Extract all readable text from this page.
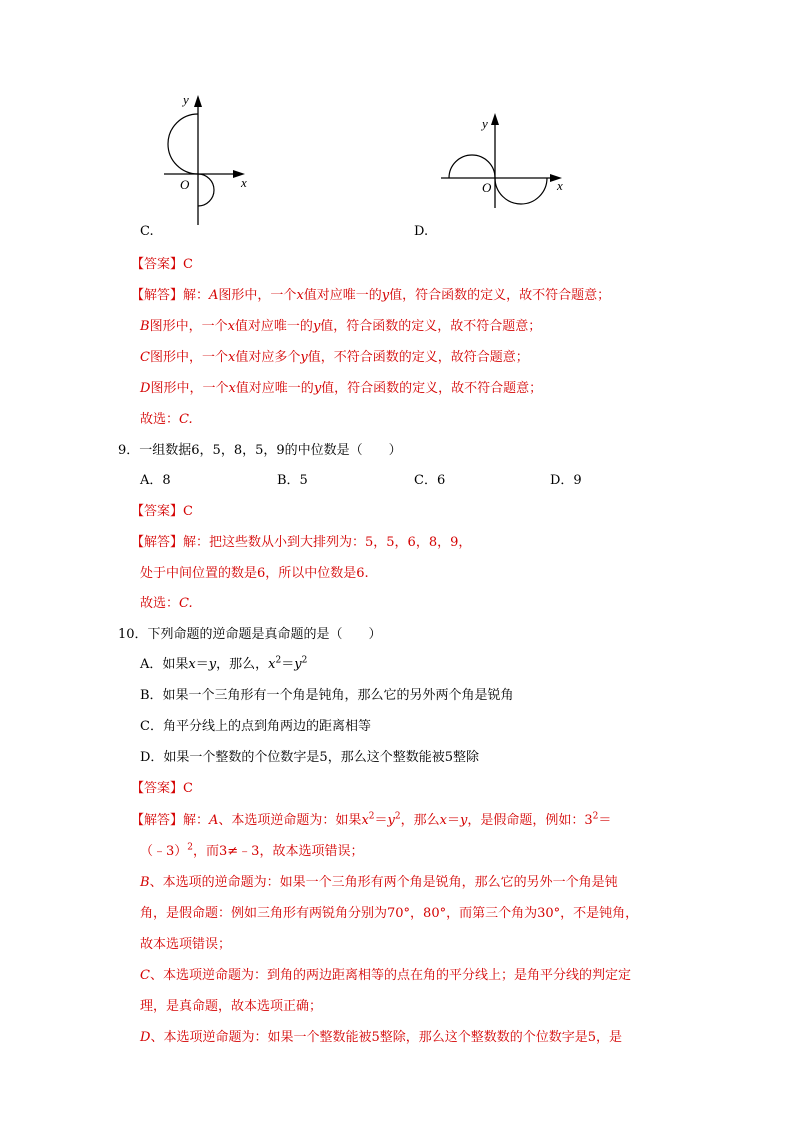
y
x
O
C.
y
x
O
D.
【答案】C
【解答】解：A图形中，一个x值对应唯一的y值，符合函数的定义，故不符合题意；
B图形中，一个x值对应唯一的y值，符合函数的定义，故不符合题意；
C图形中，一个x值对应多个y值，不符合函数的定义，故符合题意；
D图形中，一个x值对应唯一的y值，符合函数的定义，故不符合题意；
故选：C.
9．一组数据6，5，8，5，9的中位数是（　　）
A．8	B．5	C．6	D．9
【答案】C
【解答】解：把这些数从小到大排列为：5，5，6，8，9，
处于中间位置的数是6，所以中位数是6.
故选：C.
10．下列命题的逆命题是真命题的是（　　）
A．如果x＝y，那么，$x^2=y^2$
B．如果一个三角形有一个角是钝角，那么它的另外两个角是锐角
C．角平分线上的点到角两边的距离相等
D．如果一个整数的个位数字是5，那么这个整数能被5整除
【答案】C
【解答】解：A、本选项逆命题为：如果$x^2=y^2$，那么x＝y，是假命题，例如：$3^2=$
（﹣3）$^2$，而3≠﹣3，故本选项错误；
B、本选项的逆命题为：如果一个三角形有两个角是锐角，那么它的另外一个角是钝
角，是假命题：例如三角形有两锐角分别为70°，80°，而第三个角为30°，不是钝角，
故本选项错误；
C、本选项逆命题为：到角的两边距离相等的点在角的平分线上；是角平分线的判定定
理，是真命题，故本选项正确；
D、本选项逆命题为：如果一个整数能被5整除，那么这个整数数的个位数字是5，是
